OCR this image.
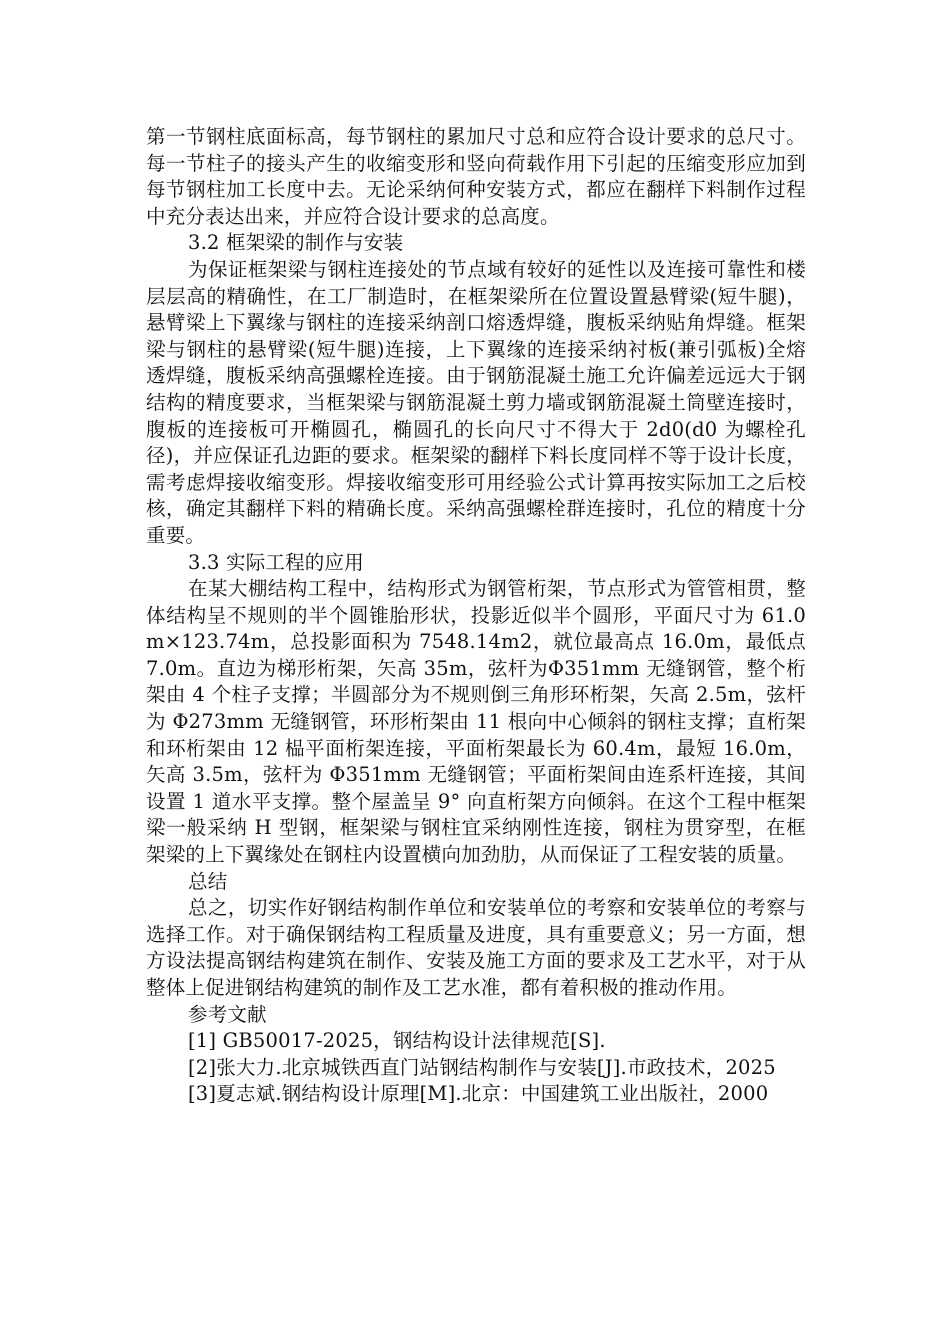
第一节钢柱底面标高，每节钢柱的累加尺寸总和应符合设计要求的总尺寸。每一节柱子的接头产生的收缩变形和竖向荷载作用下引起的压缩变形应加到每节钢柱加工长度中去。无论采纳何种安装方式，都应在翻样下料制作过程中充分表达出来，并应符合设计要求的总高度。

3.2 框架梁的制作与安装

为保证框架梁与钢柱连接处的节点域有较好的延性以及连接可靠性和楼层层高的精确性，在工厂制造时，在框架梁所在位置设置悬臂梁(短牛腿)，悬臂梁上下翼缘与钢柱的连接采纳剖口熔透焊缝，腹板采纳贴角焊缝。框架梁与钢柱的悬臂梁(短牛腿)连接，上下翼缘的连接采纳衬板(兼引弧板)全熔透焊缝，腹板采纳高强螺栓连接。由于钢筋混凝土施工允许偏差远远大于钢结构的精度要求，当框架梁与钢筋混凝土剪力墙或钢筋混凝土筒壁连接时，腹板的连接板可开椭圆孔，椭圆孔的长向尺寸不得大于 2d0(d0 为螺栓孔径)，并应保证孔边距的要求。框架梁的翻样下料长度同样不等于设计长度，需考虑焊接收缩变形。焊接收缩变形可用经验公式计算再按实际加工之后校核，确定其翻样下料的精确长度。采纳高强螺栓群连接时，孔位的精度十分重要。

3.3 实际工程的应用

在某大棚结构工程中，结构形式为钢管桁架，节点形式为管管相贯，整体结构呈不规则的半个圆锥胎形状，投影近似半个圆形，平面尺寸为 61.0m×123.74m，总投影面积为 7548.14m2，就位最高点 16.0m，最低点 7.0m。直边为梯形桁架，矢高 35m，弦杆为Φ351mm 无缝钢管，整个桁架由 4 个柱子支撑；半圆部分为不规则倒三角形环桁架，矢高 2.5m，弦杆为 Φ273mm 无缝钢管，环形桁架由 11 根向中心倾斜的钢柱支撑；直桁架和环桁架由 12 榀平面桁架连接，平面桁架最长为 60.4m，最短 16.0m，矢高 3.5m，弦杆为 Φ351mm 无缝钢管；平面桁架间由连系杆连接，其间设置 1 道水平支撑。整个屋盖呈 9° 向直桁架方向倾斜。在这个工程中框架梁一般采纳 H 型钢，框架梁与钢柱宜采纳刚性连接，钢柱为贯穿型，在框架梁的上下翼缘处在钢柱内设置横向加劲肋，从而保证了工程安装的质量。

总结

总之，切实作好钢结构制作单位和安装单位的考察和安装单位的考察与选择工作。对于确保钢结构工程质量及进度，具有重要意义；另一方面，想方设法提高钢结构建筑在制作、安装及施工方面的要求及工艺水平，对于从整体上促进钢结构建筑的制作及工艺水准，都有着积极的推动作用。

参考文献

[1] GB50017-2025，钢结构设计法律规范[S].

[2]张大力.北京城铁西直门站钢结构制作与安装[J].市政技术，2025

[3]夏志斌.钢结构设计原理[M].北京：中国建筑工业出版社，2000
